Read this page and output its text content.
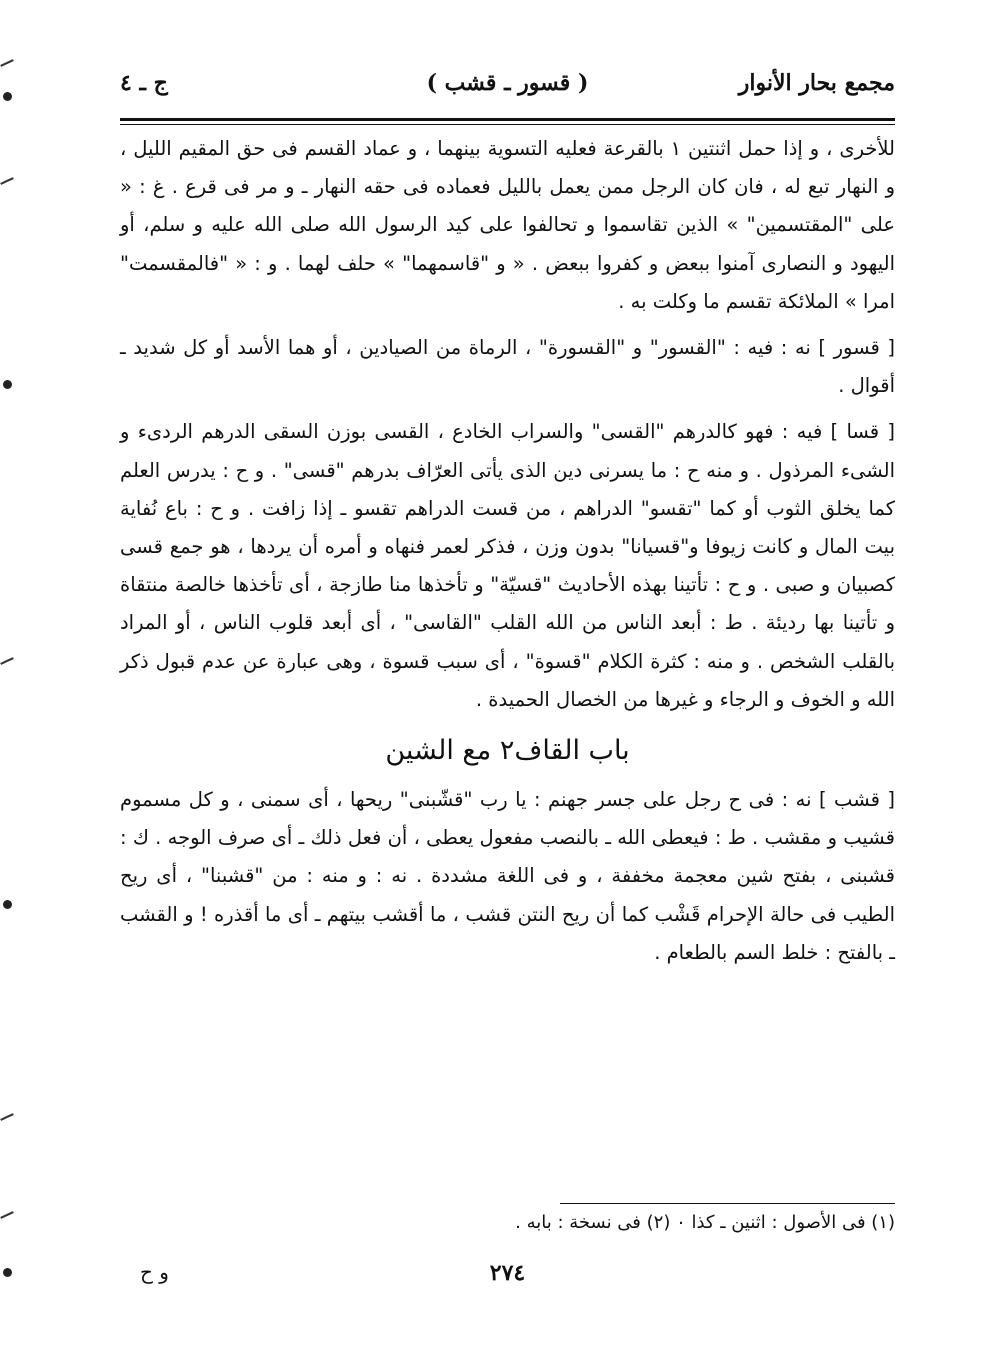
مجمع بحار الأنوار
( قسور ـ قشب )
ج ـ ٤

للأخرى ، و إذا حمل اثنتين ١ بالقرعة فعليه التسوية بينهما ، و عماد القسم فى حق المقيم الليل ، و النهار تبع له ، فان كان الرجل ممن يعمل بالليل فعماده فى حقه النهار ـ و مر فى قرع . غ : « على "المقتسمين" » الذين تقاسموا و تحالفوا على كيد الرسول الله صلى الله عليه و سلم، أو اليهود و النصارى آمنوا ببعض و كفروا ببعض . « و "قاسمهما" » حلف لهما . و : « "فالمقسمت" امرا » الملائكة تقسم ما وكلت به .

[ قسور ] نه : فيه : "القسور" و "القسورة" ، الرماة من الصيادين ، أو هما الأسد أو كل شديد ـ أقوال .

[ قسا ] فيه : فهو كالدرهم "القسى" والسراب الخادع ، القسى بوزن السقى الدرهم الردىء و الشىء المرذول . و منه ح : ما يسرنى دين الذى يأتى العرّاف بدرهم "قسى" . و ح : يدرس العلم كما يخلق الثوب أو كما "تقسو" الدراهم ، من قست الدراهم تقسو ـ إذا زافت . و ح : باع نُفاية بيت المال و كانت زيوفا و"قسيانا" بدون وزن ، فذكر لعمر فنهاه و أمره أن يردها ، هو جمع قسى كصبيان و صبى . و ح : تأتينا بهذه الأحاديث "قسيّة" و تأخذها منا طازجة ، أى تأخذها خالصة منتقاة و تأتينا بها رديئة . ط : أبعد الناس من الله القلب "القاسى" ، أى أبعد قلوب الناس ، أو المراد بالقلب الشخص . و منه : كثرة الكلام "قسوة" ، أى سبب قسوة ، وهى عبارة عن عدم قبول ذكر الله و الخوف و الرجاء و غيرها من الخصال الحميدة .

باب القاف٢ مع الشين

[ قشب ] نه : فى ح رجل على جسر جهنم : يا رب "قشّبنى" ريحها ، أى سمنى ، و كل مسموم قشيب و مقشب . ط : فيعطى الله ـ بالنصب مفعول يعطى ، أن فعل ذلك ـ أى صرف الوجه . ك : قشبنى ، بفتح شين معجمة مخففة ، و فى اللغة مشددة . نه : و منه : من "قشبنا" ، أى ريح الطيب فى حالة الإحرام قَشْب كما أن ريح النتن قشب ، ما أقشب بيتهم ـ أى ما أقذره ! و القشب ـ بالفتح : خلط السم بالطعام .

(١) فى الأصول : اثنين ـ كذا ٠ (٢) فى نسخة : بابه .
٢٧٤
و ح
